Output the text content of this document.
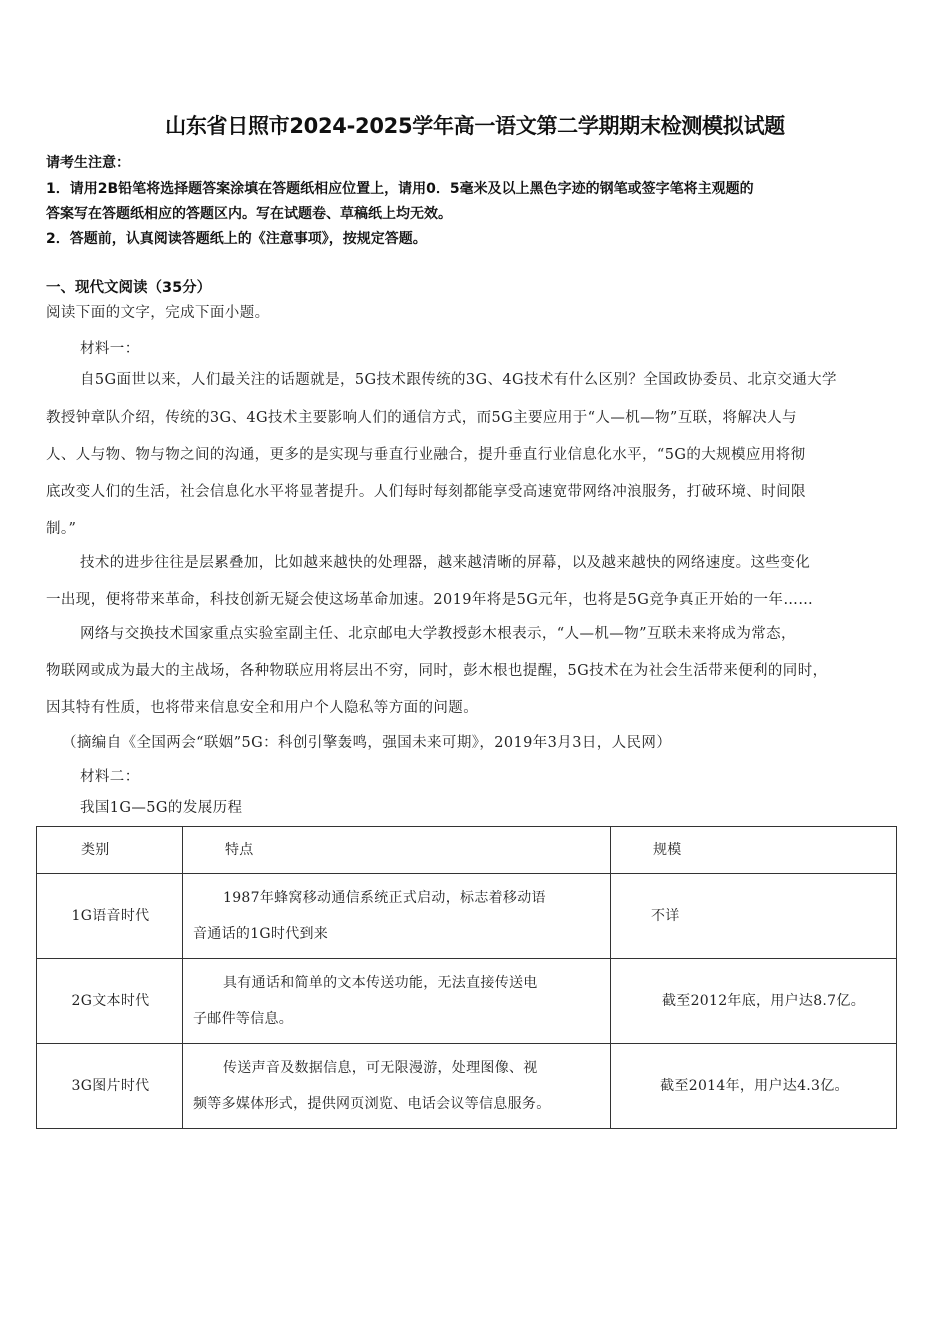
山东省日照市2024-2025学年高一语文第二学期期末检测模拟试题
请考生注意：
1．请用2B铅笔将选择题答案涂填在答题纸相应位置上，请用0．5毫米及以上黑色字迹的钢笔或签字笔将主观题的
答案写在答题纸相应的答题区内。写在试题卷、草稿纸上均无效。
2．答题前，认真阅读答题纸上的《注意事项》，按规定答题。
一、现代文阅读（35分）
阅读下面的文字，完成下面小题。
材料一：
自5G面世以来，人们最关注的话题就是，5G技术跟传统的3G、4G技术有什么区别？全国政协委员、北京交通大学
教授钟章队介绍，传统的3G、4G技术主要影响人们的通信方式，而5G主要应用于“人—机—物”互联，将解决人与
人、人与物、物与物之间的沟通，更多的是实现与垂直行业融合，提升垂直行业信息化水平，“5G的大规模应用将彻
底改变人们的生活，社会信息化水平将显著提升。人们每时每刻都能享受高速宽带网络冲浪服务，打破环境、时间限
制。”
技术的进步往往是层累叠加，比如越来越快的处理器，越来越清晰的屏幕，以及越来越快的网络速度。这些变化
一出现，便将带来革命，科技创新无疑会使这场革命加速。2019年将是5G元年，也将是5G竞争真正开始的一年……
网络与交换技术国家重点实验室副主任、北京邮电大学教授彭木根表示，“人—机—物”互联未来将成为常态，
物联网或成为最大的主战场，各种物联应用将层出不穷，同时，彭木根也提醒，5G技术在为社会生活带来便利的同时，
因其特有性质，也将带来信息安全和用户个人隐私等方面的问题。
（摘编自《全国两会“联姻”5G：科创引擎轰鸣，强国未来可期》，2019年3月3日，人民网）
材料二：
我国1G—5G的发展历程
类别	特点	规模

1G语音时代	1987年蜂窝移动通信系统正式启动，标志着移动语
音通话的1G时代到来	不详

2G文本时代	具有通话和简单的文本传送功能，无法直接传送电
子邮件等信息。	截至2012年底，用户达8.7亿。

3G图片时代	传送声音及数据信息，可无限漫游，处理图像、视
频等多媒体形式，提供网页浏览、电话会议等信息服务。	截至2014年，用户达4.3亿。
